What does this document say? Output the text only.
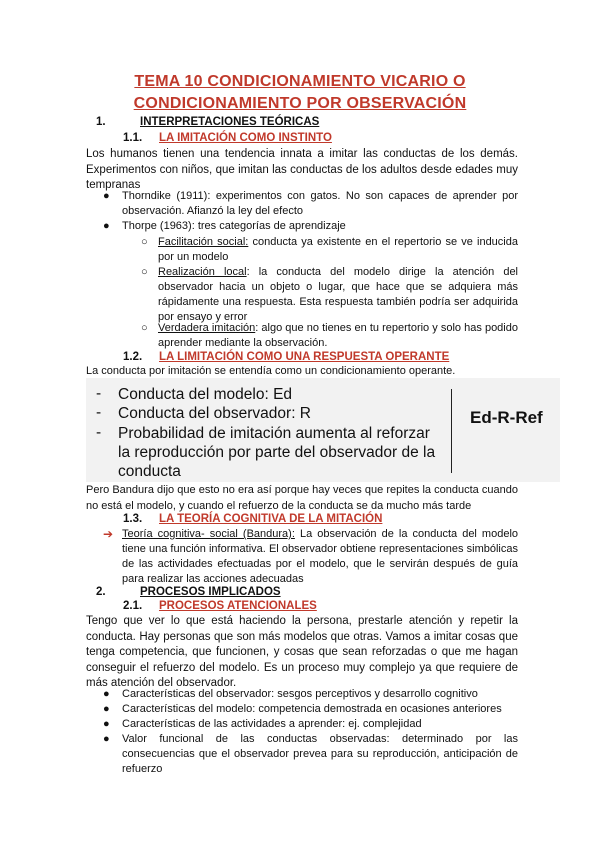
TEMA 10 CONDICIONAMIENTO VICARIO O
CONDICIONAMIENTO POR OBSERVACIÓN
1.	INTERPRETACIONES TEÓRICAS
1.1. LA IMITACIÓN COMO INSTINTO
Los humanos tienen una tendencia innata a imitar las conductas de los demás. Experimentos con niños, que imitan las conductas de los adultos desde edades muy tempranas
● Thorndike (1911): experimentos con gatos. No son capaces de aprender por observación. Afianzó la ley del efecto
● Thorpe (1963): tres categorías de aprendizaje
○ Facilitación social: conducta ya existente en el repertorio se ve inducida por un modelo
○ Realización local: la conducta del modelo dirige la atención del observador hacia un objeto o lugar, que hace que se adquiera más rápidamente una respuesta. Esta respuesta también podría ser adquirida por ensayo y error
○ Verdadera imitación: algo que no tienes en tu repertorio y solo has podido aprender mediante la observación.
1.2. LA LIMITACIÓN COMO UNA RESPUESTA OPERANTE
La conducta por imitación se entendía como un condicionamiento operante.
- Conducta del modelo: Ed
- Conducta del observador: R
- Probabilidad de imitación aumenta al reforzar la reproducción por parte del observador de la conducta
Ed-R-Ref
Pero Bandura dijo que esto no era así porque hay veces que repites la conducta cuando no está el modelo, y cuando el refuerzo de la conducta se da mucho más tarde
1.3. LA TEORÍA COGNITIVA DE LA MITACIÓN
➔ Teoría cognitiva- social (Bandura): La observación de la conducta del modelo tiene una función informativa. El observador obtiene representaciones simbólicas de las actividades efectuadas por el modelo, que le servirán después de guía para realizar las acciones adecuadas
2.	PROCESOS IMPLICADOS
2.1. PROCESOS ATENCIONALES
Tengo que ver lo que está haciendo la persona, prestarle atención y repetir la conducta. Hay personas que son más modelos que otras. Vamos a imitar cosas que tenga competencia, que funcionen, y cosas que sean reforzadas o que me hagan conseguir el refuerzo del modelo. Es un proceso muy complejo ya que requiere de más atención del observador.
● Características del observador: sesgos perceptivos y desarrollo cognitivo
● Características del modelo: competencia demostrada en ocasiones anteriores
● Características de las actividades a aprender: ej. complejidad
● Valor funcional de las conductas observadas: determinado por las consecuencias que el observador prevea para su reproducción, anticipación de refuerzo
